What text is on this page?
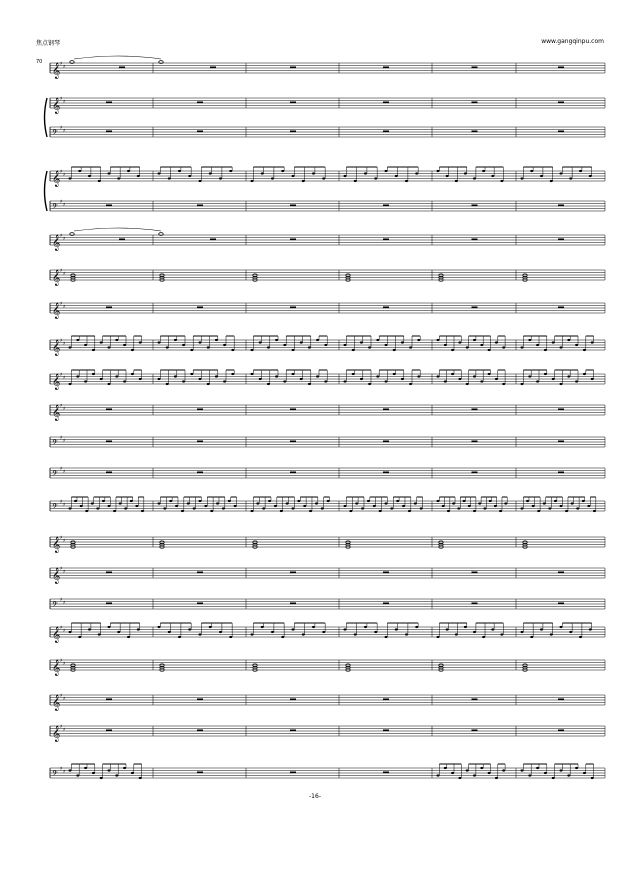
焦点钢琴	www.gangqinpu.com
70
𝄞 ♯ ♯
𝄞 ♯ ♯
𝄢
♯ ♯
𝄞 ♯ ♯
𝄢
♯ ♯
𝄞 ♯ ♯
𝄞 ♯ ♯
𝄞 ♯ ♯
𝄞 ♯ ♯
𝄞 ♯ ♯
𝄞 ♯ ♯
𝄢
♯ ♯
𝄢
♯ ♯
𝄢
♯ ♯
𝄞 ♯ ♯
𝄞 ♯ ♯
𝄢
♯ ♯
𝄞 ♯ ♯
𝄞 ♯ ♯
𝄞 ♯ ♯
𝄞 ♯ ♯
𝄢
♯ ♯
-16-
